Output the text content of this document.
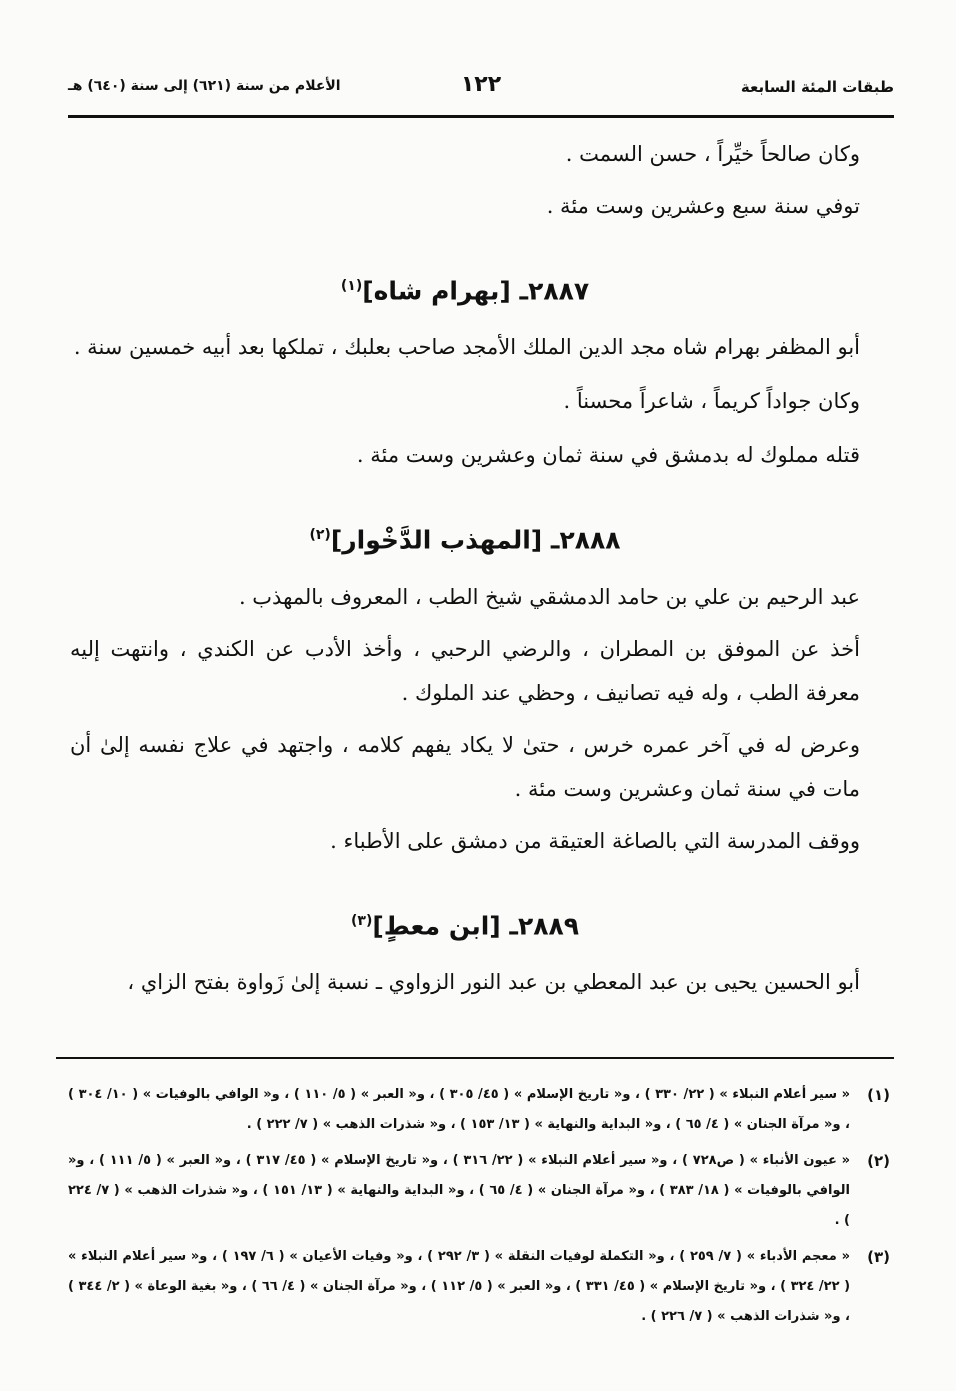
طبقات المئة السابعة
١٢٢
الأعلام من سنة (٦٢١) إلى سنة (٦٤٠) هـ

وكان صالحاً خيِّراً ، حسن السمت .

توفي سنة سبع وعشرين وست مئة .

٢٨٨٧ـ [بهرام شاه]$^{(١)}$

أبو المظفر بهرام شاه مجد الدين الملك الأمجد صاحب بعلبك ، تملكها بعد أبيه خمسين سنة .

وكان جواداً كريماً ، شاعراً محسناً .

قتله مملوك له بدمشق في سنة ثمان وعشرين وست مئة .

٢٨٨٨ـ [المهذب الدَّخْوار]$^{(٢)}$

عبد الرحيم بن علي بن حامد الدمشقي شيخ الطب ، المعروف بالمهذب .

أخذ عن الموفق بن المطران ، والرضي الرحبي ، وأخذ الأدب عن الكندي ، وانتهت إليه معرفة الطب ، وله فيه تصانيف ، وحظي عند الملوك .

وعرض له في آخر عمره خرس ، حتىٰ لا يكاد يفهم كلامه ، واجتهد في علاج نفسه إلىٰ أن مات في سنة ثمان وعشرين وست مئة .

ووقف المدرسة التي بالصاغة العتيقة من دمشق على الأطباء .

٢٨٨٩ـ [ابن معطٍ]$^{(٣)}$

أبو الحسين يحيى بن عبد المعطي بن عبد النور الزواوي ـ نسبة إلىٰ زَواوة بفتح الزاي ،

(١)
« سير أعلام النبلاء » ( ٢٢/ ٣٣٠ ) ، و« تاريخ الإسلام » ( ٤٥/ ٣٠٥ ) ، و« العبر » ( ٥/ ١١٠ ) ، و« الوافي بالوفيات » ( ١٠/ ٣٠٤ ) ، و« مرآة الجنان » ( ٤/ ٦٥ ) ، و« البداية والنهاية » ( ١٣/ ١٥٣ ) ، و« شذرات الذهب » ( ٧/ ٢٢٢ ) .

(٢)
« عيون الأنباء » ( ص٧٢٨ ) ، و« سير أعلام النبلاء » ( ٢٢/ ٣١٦ ) ، و« تاريخ الإسلام » ( ٤٥/ ٣١٧ ) ، و« العبر » ( ٥/ ١١١ ) ، و« الوافي بالوفيات » ( ١٨/ ٣٨٣ ) ، و« مرآة الجنان » ( ٤/ ٦٥ ) ، و« البداية والنهاية » ( ١٣/ ١٥١ ) ، و« شذرات الذهب » ( ٧/ ٢٢٤ ) .

(٣)
« معجم الأدباء » ( ٧/ ٢٥٩ ) ، و« التكملة لوفيات النقلة » ( ٣/ ٢٩٢ ) ، و« وفيات الأعيان » ( ٦/ ١٩٧ ) ، و« سير أعلام النبلاء » ( ٢٢/ ٣٢٤ ) ، و« تاريخ الإسلام » ( ٤٥/ ٣٣١ ) ، و« العبر » ( ٥/ ١١٢ ) ، و« مرآة الجنان » ( ٤/ ٦٦ ) ، و« بغية الوعاة » ( ٢/ ٣٤٤ ) ، و« شذرات الذهب » ( ٧/ ٢٢٦ ) .
